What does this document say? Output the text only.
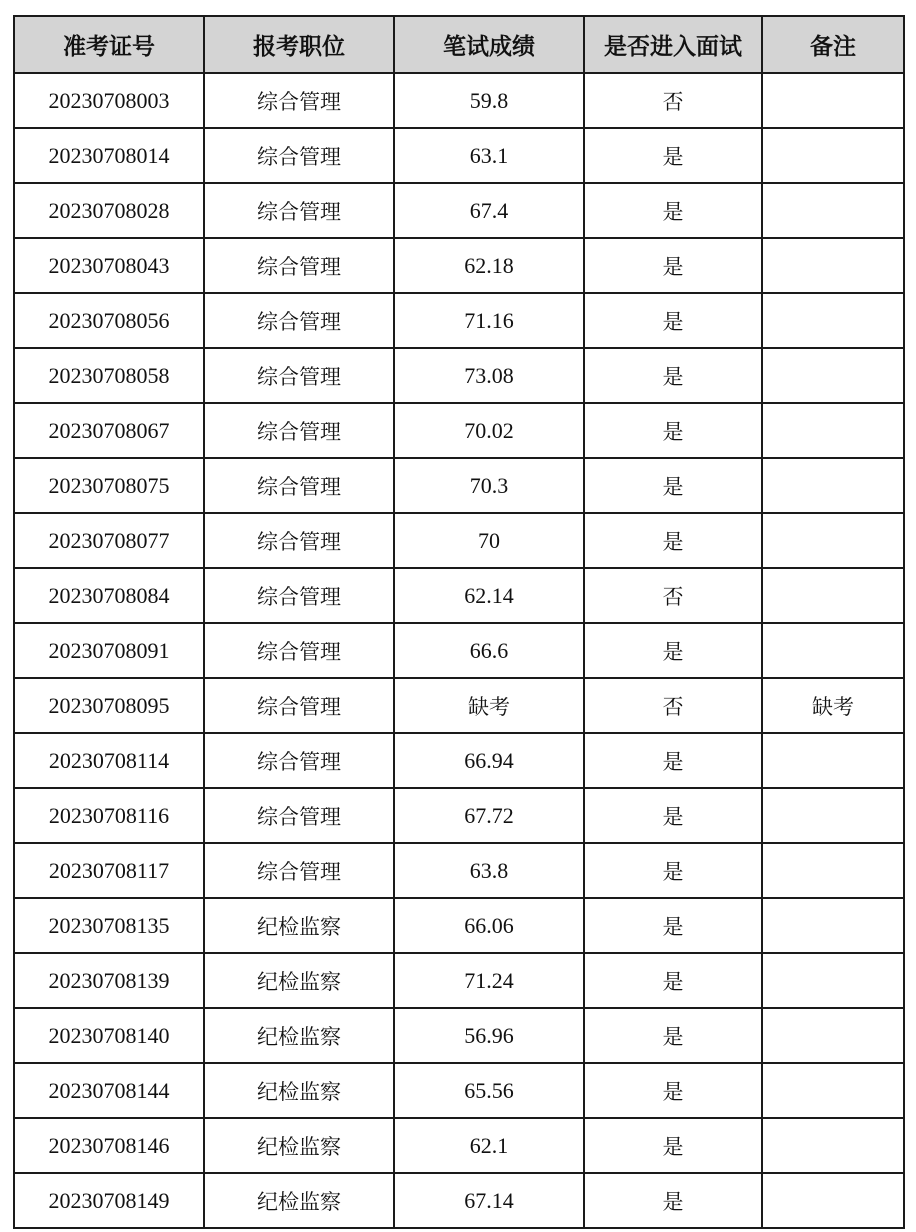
准考证号	报考职位	笔试成绩	是否进入面试	备注
20230708003	综合管理	59.8	否	
20230708014	综合管理	63.1	是	
20230708028	综合管理	67.4	是	
20230708043	综合管理	62.18	是	
20230708056	综合管理	71.16	是	
20230708058	综合管理	73.08	是	
20230708067	综合管理	70.02	是	
20230708075	综合管理	70.3	是	
20230708077	综合管理	70	是	
20230708084	综合管理	62.14	否	
20230708091	综合管理	66.6	是	
20230708095	综合管理	缺考	否	缺考
20230708114	综合管理	66.94	是	
20230708116	综合管理	67.72	是	
20230708117	综合管理	63.8	是	
20230708135	纪检监察	66.06	是	
20230708139	纪检监察	71.24	是	
20230708140	纪检监察	56.96	是	
20230708144	纪检监察	65.56	是	
20230708146	纪检监察	62.1	是	
20230708149	纪检监察	67.14	是	
